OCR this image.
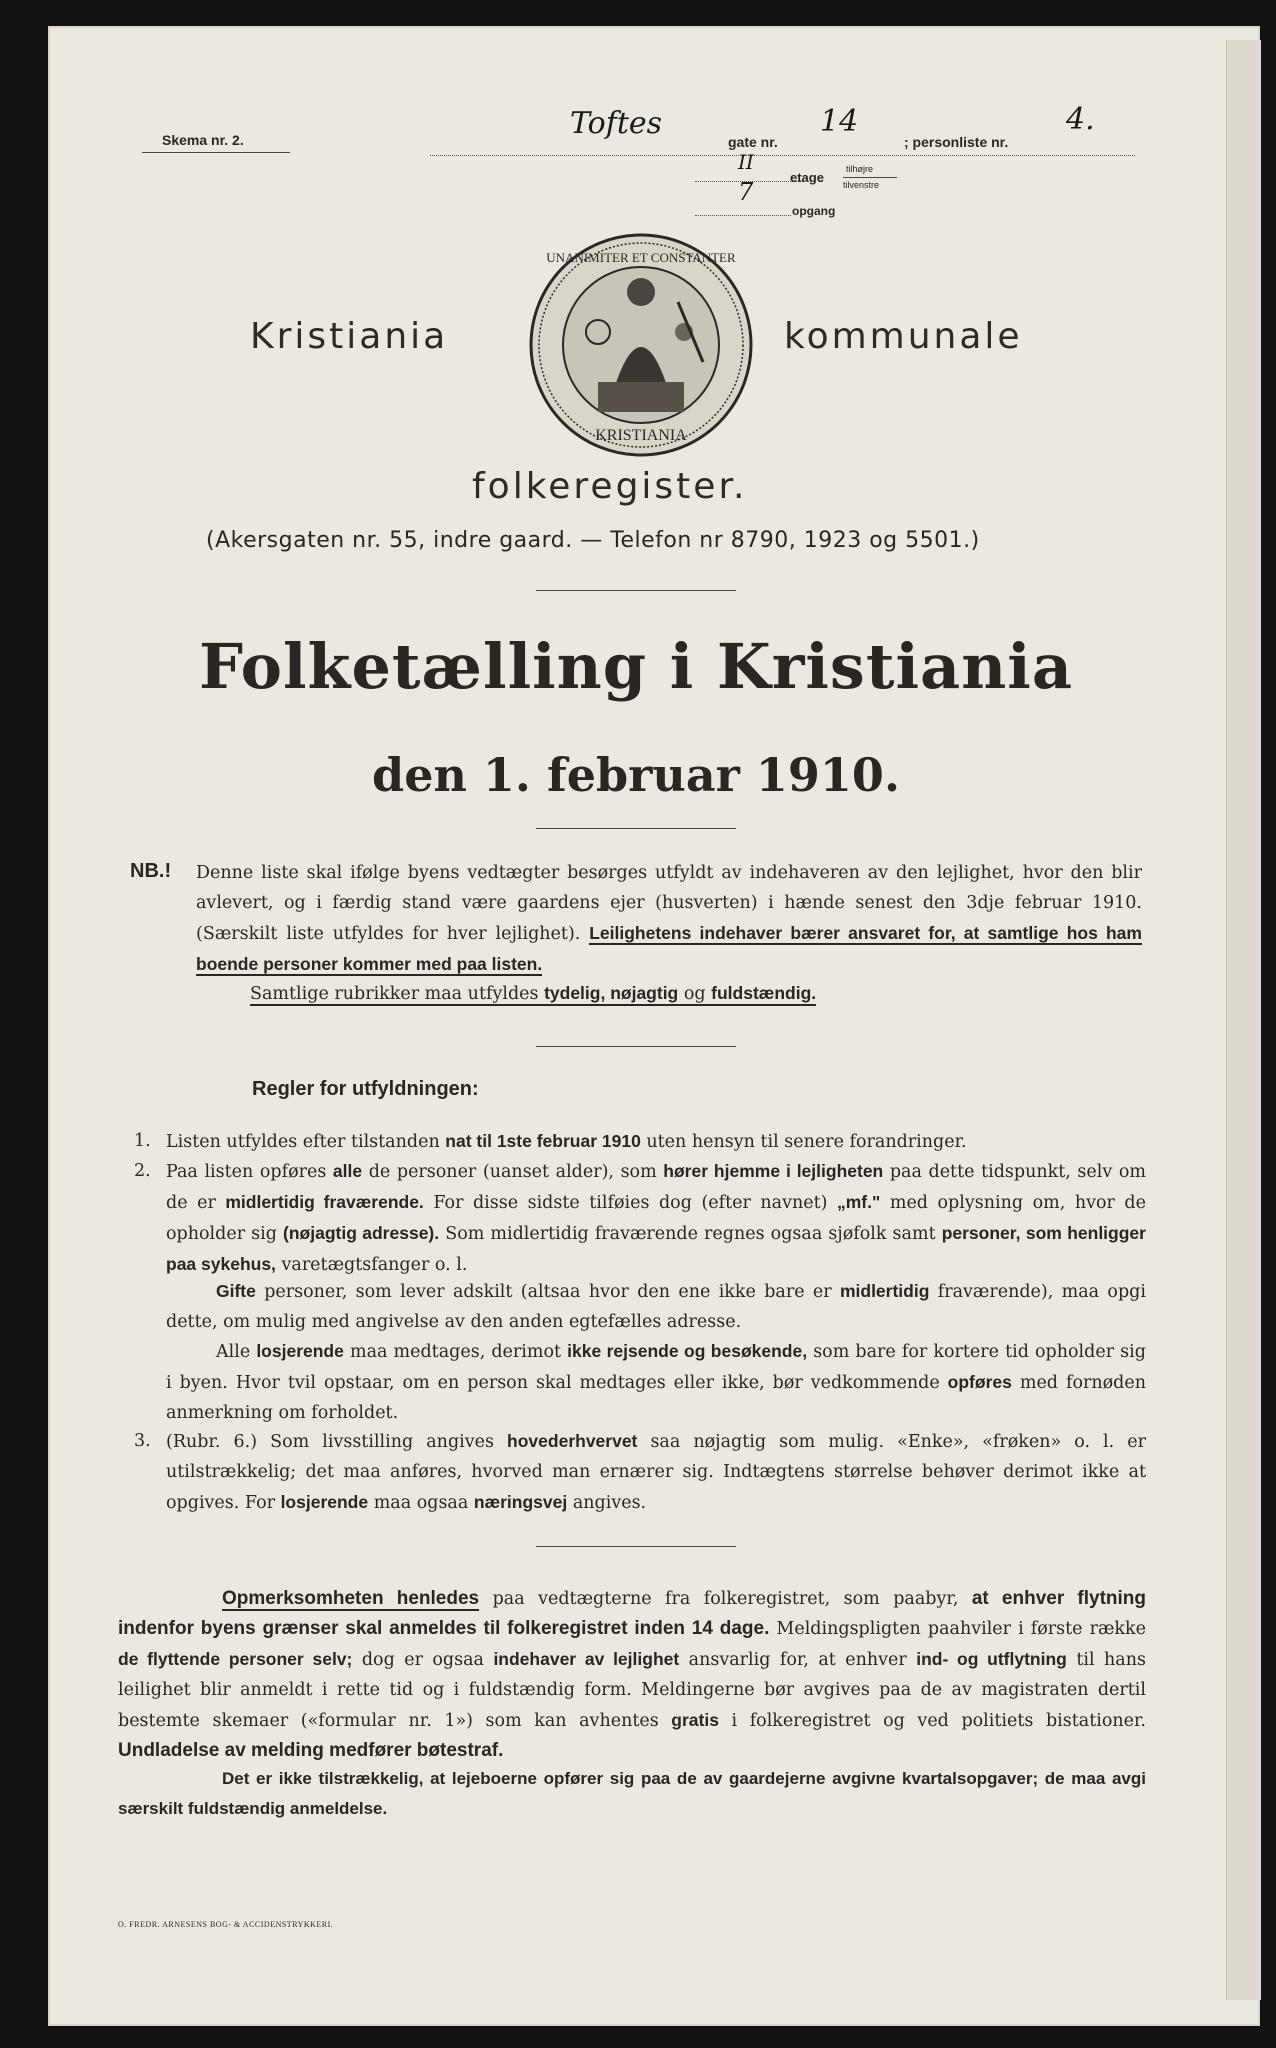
Skema nr. 2.	Toftes
gate nr.
14
; personliste nr.
4.
II
etage
tilhøjre
tilvenstre
7
opgang
UNANIMITER ET CONSTANTER
KRISTIANIA
Kristiania	kommunale
folkeregister.
(Akersgaten nr. 55, indre gaard. — Telefon nr 8790, 1923 og 5501.)
Folketælling i Kristiania
den 1. februar 1910.
NB.! Denne liste skal ifølge byens vedtægter besørges utfyldt av indehaveren av den lejlighet, hvor den blir avlevert, og i færdig stand være gaardens ejer (husverten) i hænde senest den 3dje februar 1910. (Særskilt liste utfyldes for hver lejlighet). Leilighetens indehaver bærer ansvaret for, at samtlige hos ham boende personer kommer med paa listen.
Samtlige rubrikker maa utfyldes tydelig, nøjagtig og fuldstændig.
Regler for utfyldningen:
1. Listen utfyldes efter tilstanden nat til 1ste februar 1910 uten hensyn til senere forandringer.
2. Paa listen opføres alle de personer (uanset alder), som hører hjemme i lejligheten paa dette tidspunkt, selv om de er midlertidig fraværende. For disse sidste tilføies dog (efter navnet) „mf." med oplysning om, hvor de opholder sig (nøjagtig adresse). Som midlertidig fraværende regnes ogsaa sjøfolk samt personer, som henligger paa sykehus, varetægtsfanger o. l.
Gifte personer, som lever adskilt (altsaa hvor den ene ikke bare er midlertidig fraværende), maa opgi dette, om mulig med angivelse av den anden egtefælles adresse.
Alle losjerende maa medtages, derimot ikke rejsende og besøkende, som bare for kortere tid opholder sig i byen. Hvor tvil opstaar, om en person skal medtages eller ikke, bør vedkommende opføres med fornøden anmerkning om forholdet.
3. (Rubr. 6.) Som livsstilling angives hovederhvervet saa nøjagtig som mulig. «Enke», «frøken» o. l. er utilstrækkelig; det maa anføres, hvorved man ernærer sig. Indtægtens størrelse behøver derimot ikke at opgives. For losjerende maa ogsaa næringsvej angives.
Opmerksomheten henledes paa vedtægterne fra folkeregistret, som paabyr, at enhver flytning indenfor byens grænser skal anmeldes til folkeregistret inden 14 dage. Meldingspligten paahviler i første række de flyttende personer selv; dog er ogsaa indehaver av lejlighet ansvarlig for, at enhver ind- og utflytning til hans leilighet blir anmeldt i rette tid og i fuldstændig form. Meldingerne bør avgives paa de av magistraten dertil bestemte skemaer («formular nr. 1») som kan avhentes gratis i folkeregistret og ved politiets bistationer. Undladelse av melding medfører bøtestraf.
Det er ikke tilstrækkelig, at lejeboerne opfører sig paa de av gaardejerne avgivne kvartalsopgaver; de maa avgi særskilt fuldstændig anmeldelse.
O. FREDR. ARNESENS BOG- & ACCIDENSTRYKKERI.
